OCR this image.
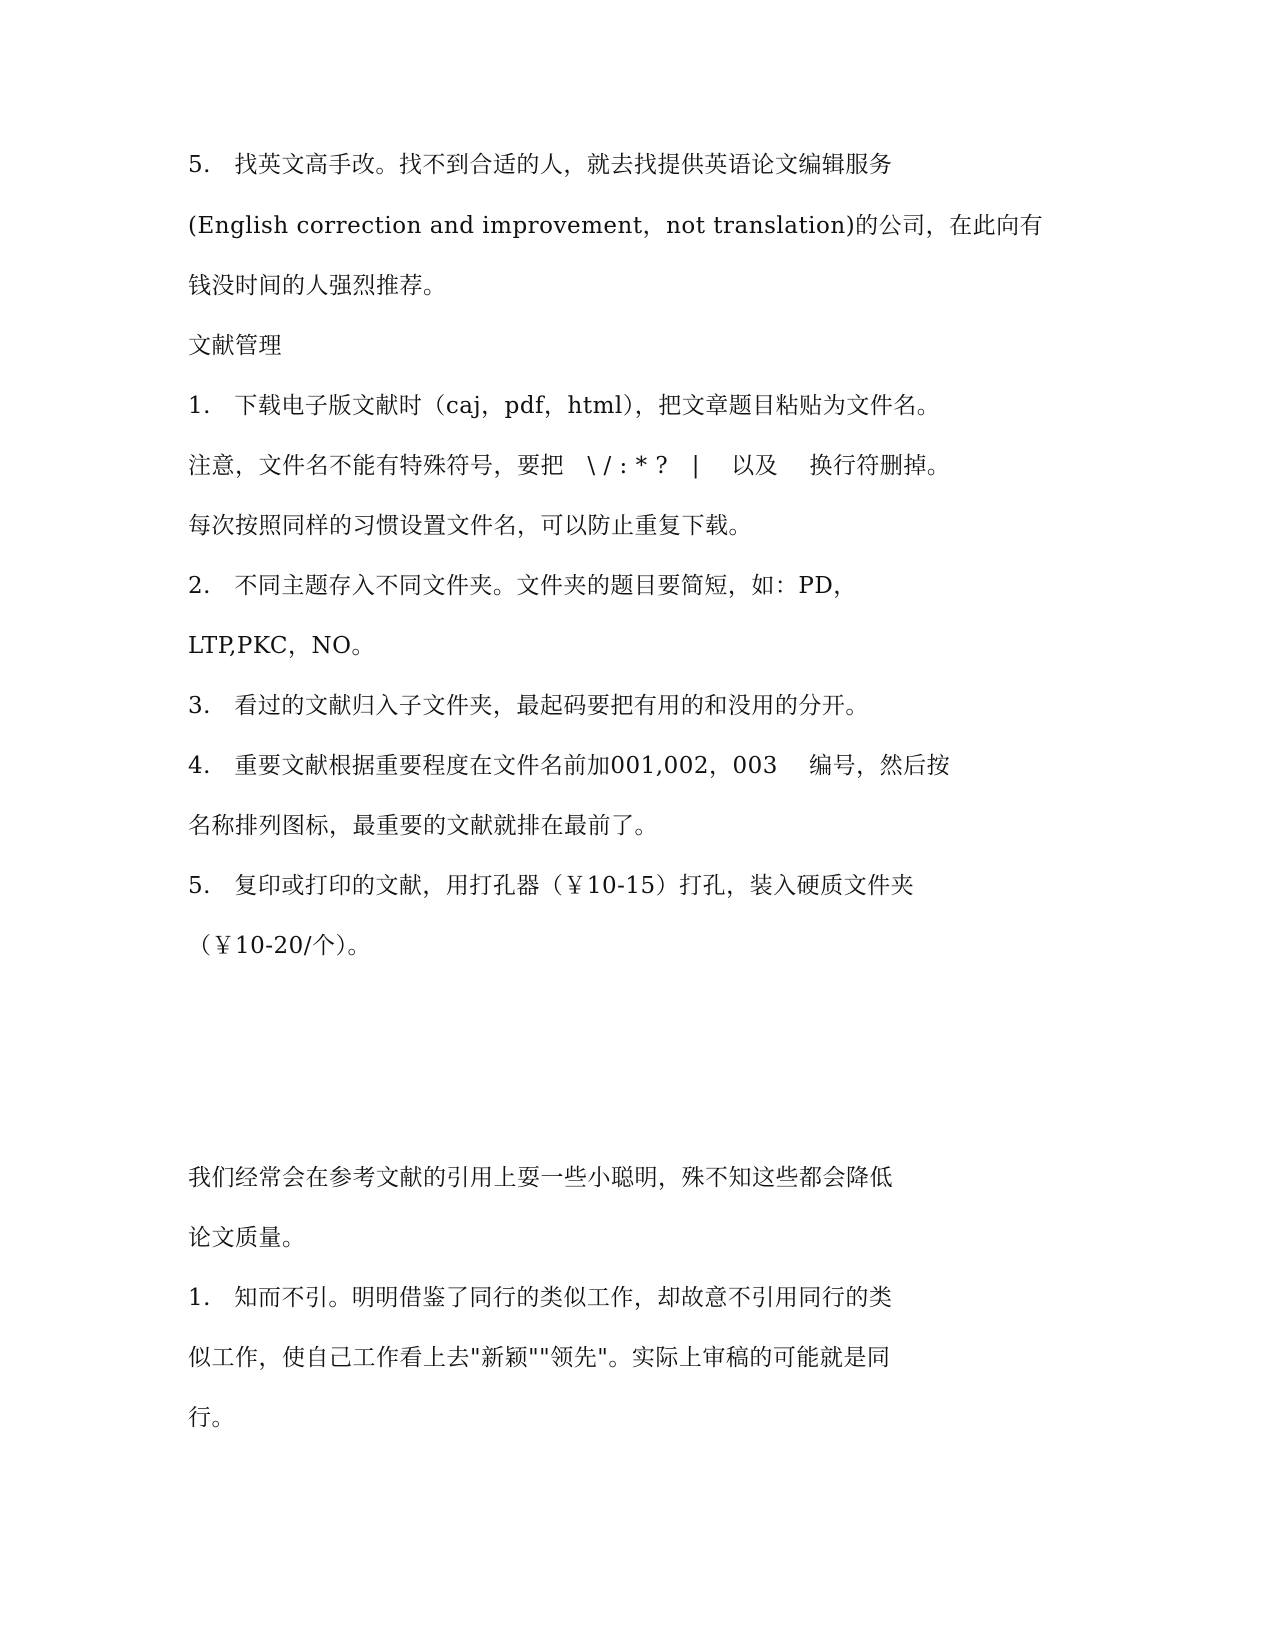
5.   找英文高手改。找不到合适的人，就去找提供英语论文编辑服务
(English correction and improvement，not translation)的公司，在此向有
钱没时间的人强烈推荐。
文献管理
1.   下载电子版文献时（caj，pdf，html），把文章题目粘贴为文件名。
注意，文件名不能有特殊符号，要把   \ / : * ?   |    以及    换行符删掉。
每次按照同样的习惯设置文件名，可以防止重复下载。
2.   不同主题存入不同文件夹。文件夹的题目要简短，如：PD，
LTP,PKC，NO。
3.   看过的文献归入子文件夹，最起码要把有用的和没用的分开。
4.   重要文献根据重要程度在文件名前加001,002，003    编号，然后按
名称排列图标，最重要的文献就排在最前了。
5.   复印或打印的文献，用打孔器（￥10-15）打孔，装入硬质文件夹
（￥10-20/个）。
我们经常会在参考文献的引用上耍一些小聪明，殊不知这些都会降低
论文质量。
1.   知而不引。明明借鉴了同行的类似工作，却故意不引用同行的类
似工作，使自己工作看上去"新颖""领先"。实际上审稿的可能就是同
行。
